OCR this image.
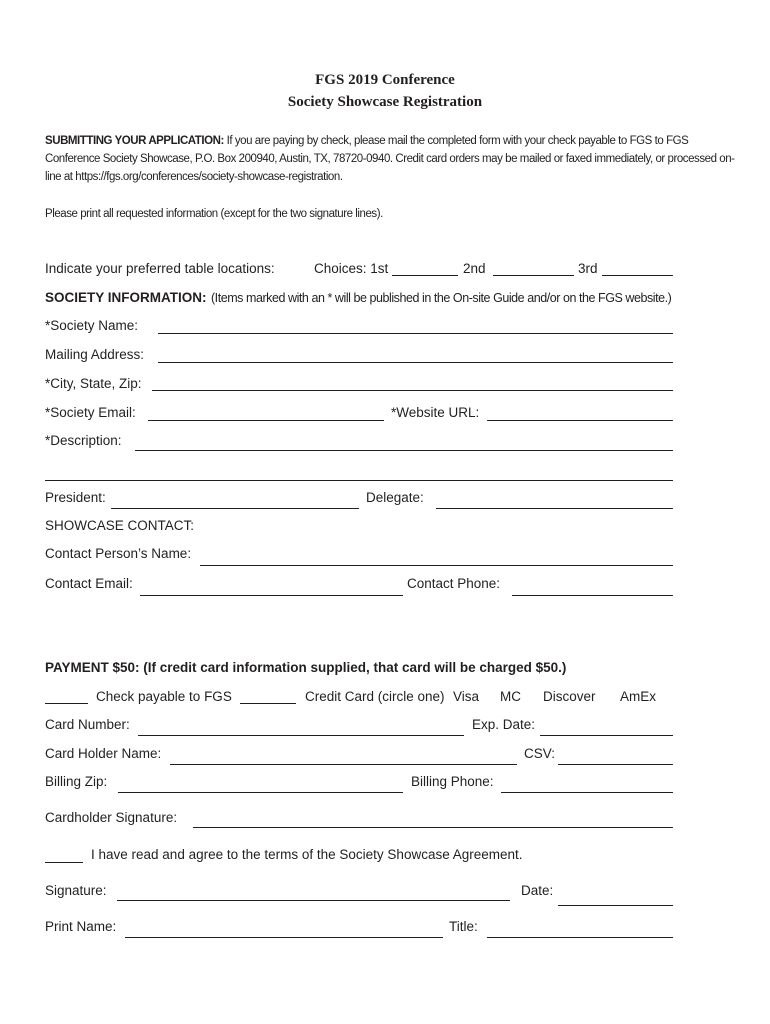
FGS 2019 Conference
Society Showcase Registration
SUBMITTING YOUR APPLICATION: If you are paying by check, please mail the completed form with your check payable to FGS to FGS
Conference Society Showcase, P.O. Box 200940, Austin, TX, 78720-0940. Credit card orders may be mailed or faxed immediately, or processed on-
line at https://fgs.org/conferences/society-showcase-registration.
Please print all requested information (except for the two signature lines).
Indicate your preferred table locations:	Choices: 1st	2nd	3rd
SOCIETY INFORMATION: (Items marked with an * will be published in the On-site Guide and/or on the FGS website.)
*Society Name:
Mailing Address:
*City, State, Zip:
*Society Email:	*Website URL:
*Description:
President:	Delegate:
SHOWCASE CONTACT:
Contact Person’s Name:
Contact Email:	Contact Phone:
PAYMENT $50: (If credit card information supplied, that card will be charged $50.)
Check payable to FGS	Credit Card (circle one) Visa MC Discover AmEx
Card Number:	Exp. Date:
Card Holder Name:	CSV:
Billing Zip:	Billing Phone:
Cardholder Signature:
I have read and agree to the terms of the Society Showcase Agreement.
Signature:	Date:
Print Name:	Title:
